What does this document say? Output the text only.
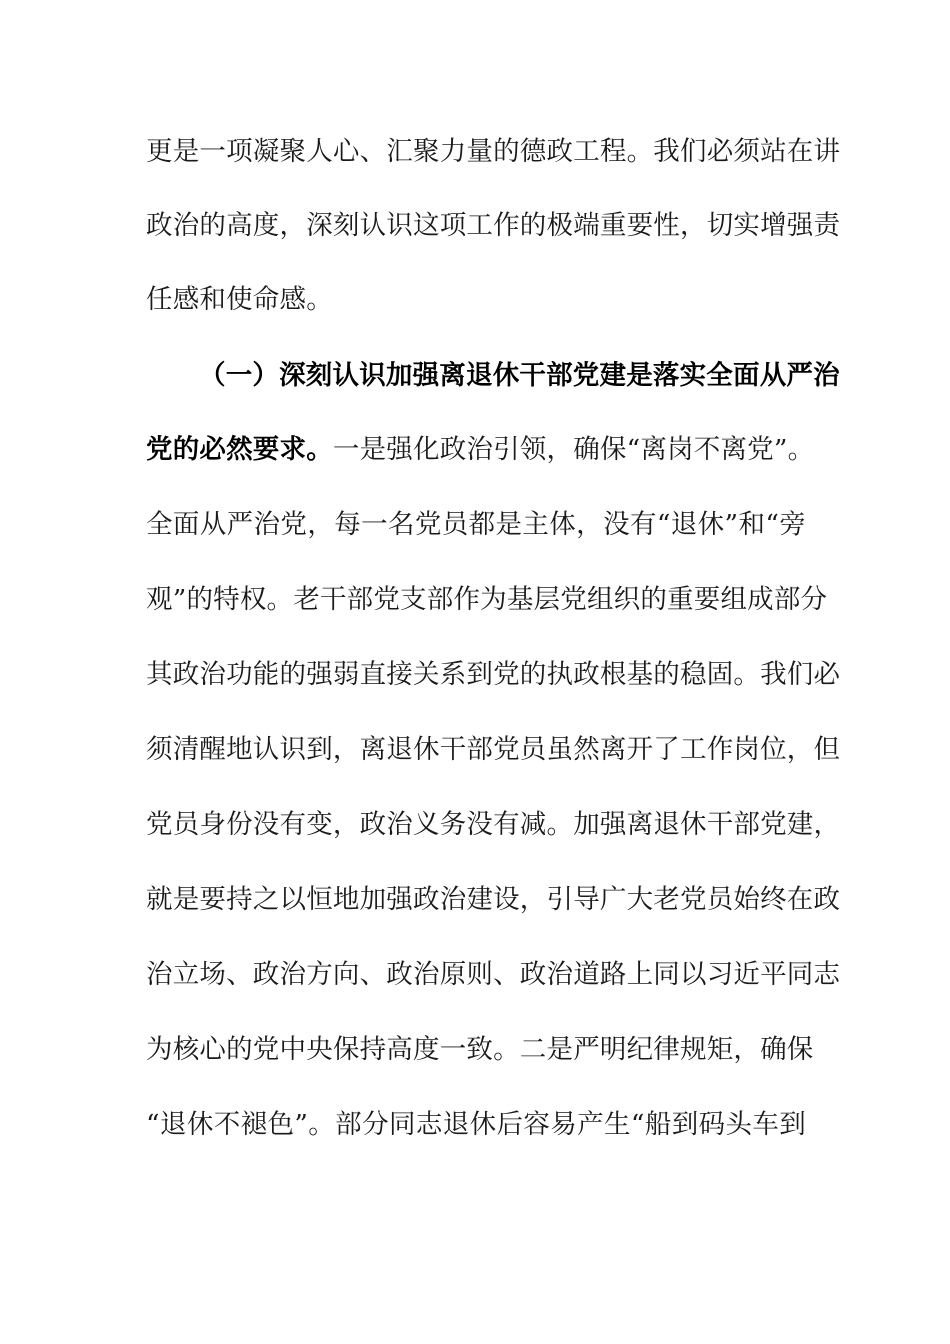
更是一项凝聚人心、汇聚力量的德政工程。我们必须站在讲
政治的高度，深刻认识这项工作的极端重要性，切实增强责
任感和使命感。
（一）深刻认识加强离退休干部党建是落实全面从严治
党的必然要求。一是强化政治引领，确保“离岗不离党”。
全面从严治党，每一名党员都是主体，没有“退休”和“旁
观”的特权。老干部党支部作为基层党组织的重要组成部分
其政治功能的强弱直接关系到党的执政根基的稳固。我们必
须清醒地认识到，离退休干部党员虽然离开了工作岗位，但
党员身份没有变，政治义务没有减。加强离退休干部党建，
就是要持之以恒地加强政治建设，引导广大老党员始终在政
治立场、政治方向、政治原则、政治道路上同以习近平同志
为核心的党中央保持高度一致。二是严明纪律规矩，确保
“退休不褪色”。部分同志退休后容易产生“船到码头车到
